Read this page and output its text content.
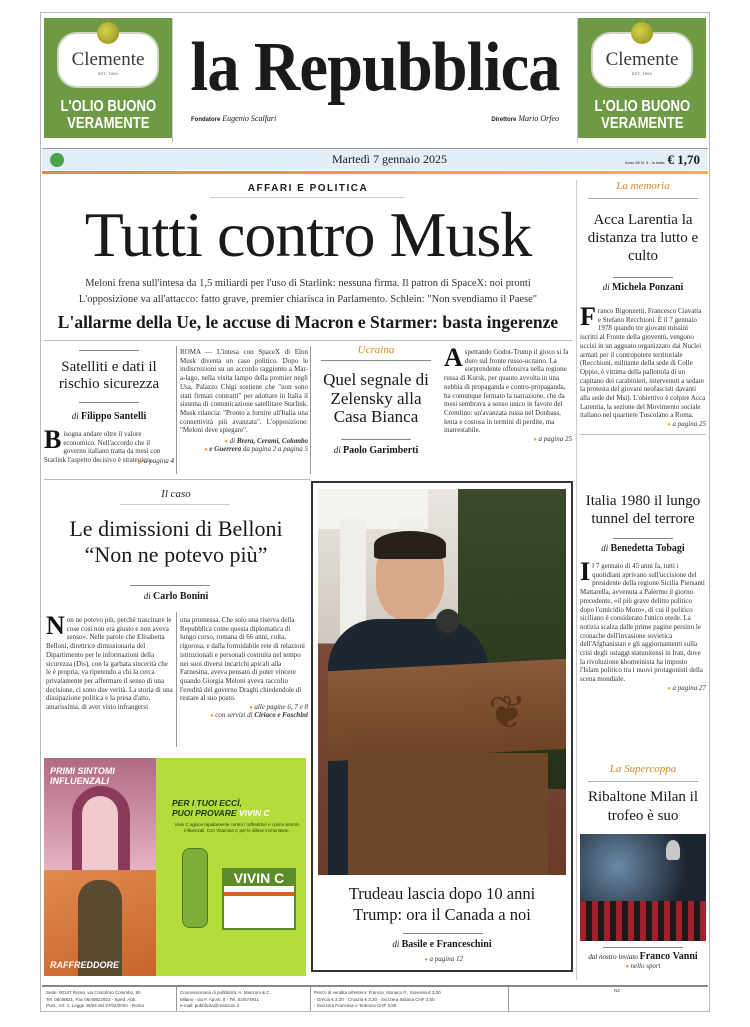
Clemente
EST. 1885
L'OLIO BUONO
VERAMENTE
Clemente
EST. 1885
L'OLIO BUONO
VERAMENTE
la Repubblica
Fondatore Eugenio Scalfari	Direttore Mario Orfeo
Martedì 7 gennaio 2025	Anno 50 N. 5 - in Italia € 1,70
AFFARI E POLITICA
Tutti contro Musk
Meloni frena sull'intesa da 1,5 miliardi per l'uso di Starlink: nessuna firma. Il patron di SpaceX: noi pronti
L'opposizione va all'attacco: fatto grave, premier chiarisca in Parlamento. Schlein: "Non svendiamo il Paese"
L'allarme della Ue, le accuse di Macron e Starmer: basta ingerenze
Satelliti e dati il rischio sicurezza
di Filippo Santelli
Bisogna andare oltre il valore economico. Nell'accordo che il governo italiano tratta da mesi con Starlink l'aspetto decisivo è strategico.
● a pagina 4
ROMA — L'intesa con SpaceX di Elon Musk diventa un caso politico. Dopo le indiscrezioni su un accordo raggiunto a Mar-a-lago, nella visita lampo della premier negli Usa, Palazzo Chigi sostiene che "non sono stati firmati contratti" per adottare in Italia il sistema di comunicazione satellitare Starlink. Musk rilancia: "Pronto a fornire all'Italia una connettività più avanzata". L'opposizione: "Meloni deve spiegare".
● di Brera, Cerami, Colombo
● e Guerrera da pagina 2 a pagina 5
Ucraina
Quel segnale di Zelensky alla Casa Bianca
di Paolo Garimberti
Aspettando Godot-Trump il gioco si fa duro sul fronte russo-ucraino. La sorprendente offensiva nella regione russa di Kursk, per quanto avvolta in una nebbia di propaganda e contro-propaganda, ha comunque fermato la narrazione, che da mesi sembrava a senso unico in favore del Cremlino: un'avanzata russa nel Donbass, lenta e costosa in termini di perdite, ma inarrestabile.
● a pagina 25
Il caso
Le dimissioni di Belloni
“Non ne potevo più”
di Carlo Bonini
Non ne potevo più, perché trascinare le cose così non era giusto e non aveva senso». Nelle parole che Elisabetta Belloni, direttrice dimissionaria del Dipartimento per le informazioni della sicurezza (Dis), con la garbata sincerità che le è propria, va ripetendo a chi la cerca privatamente per affermare il senso di una decisione, ci sono due verità. La storia di una dissipazione politica e la presa d'atto, amarissima, di aver visto infrangersi
una promessa. Che solo una riserva della Repubblica come questa diplomatica di lungo corso, romana di 66 anni, colta, rigorosa, e dalla formidabile rete di relazioni istituzionali e personali costruita nel tempo nei suoi diversi incarichi apicali alla Farnesina, aveva pensato di poter vincere quando Giorgia Meloni aveva raccolto l'eredità del governo Draghi chiedendole di restare al suo posto.
● alle pagine 6, 7 e 8
● con servizi di Ciriaco e Foschini
PRIMI SINTOMI INFLUENZALI
RAFFREDDORE
PER I TUOI ECCÌ,
PUOI PROVARE VIVIN C
Vivin C agisce rapidamente contro i raffreddori e i primi sintomi influenzali. Con Vitamina C per le difese immunitarie.
VIVIN C
❦
Trudeau lascia dopo 10 anni
Trump: ora il Canada a noi
di Basile e Franceschini
● a pagina 12
La memoria
Acca Larentia la distanza tra lutto e culto
di Michela Ponzani
Franco Bigonzetti, Francesco Ciavatta e Stefano Recchioni. È il 7 gennaio 1978 quando tre giovani missini iscritti al Fronte della gioventù, vengono uccisi in un agguato organizzato dai Nuclei armati per il contropotere territoriale (Recchioni, militante della sede di Colle Oppio, è vittima della pallottola di un capitano dei carabinieri, intervenuti a sedare la protesta dei giovani neofascisti davanti alla sede del Msi). L'obiettivo è colpire Acca Larentia, la sezione del Movimento sociale italiano nel quartiere Tuscolano a Roma.
● a pagina 25
Italia 1980 il lungo tunnel del terrore
di Benedetta Tobagi
Il 7 gennaio di 45 anni fa, tutti i quotidiani aprivano sull'uccisione del presidente della regione Sicilia Piersanti Mattarella, avvenuta a Palermo il giorno precedente, «il più grave delitto politico dopo l'omicidio Moro», di cui il politico siciliano è considerato l'unico erede. La notizia scalza dalle prime pagine persino le cronache dell'invasione sovietica dell'Afghanistan e gli aggiornamenti sulla crisi degli ostaggi statunitensi in Iran, dove la rivoluzione khomeinista ha imposto l'Islam politico tra i nuovi protagonisti della scena mondiale.
● a pagina 27
La Supercoppa
Ribaltone Milan il trofeo è suo
dal nostro inviato Franco Vanni
● nello sport
Sede: 00147 Roma, via Cristoforo Colombo, 90
Tel. 06/49821, Fax 06/49822923 - Sped. Abb.
Post., Art. 1, Legge 46/04 del 27/02/2004 - Roma
Concessionaria di pubblicità: A. Manzoni & C.
Milano - via F. Aporti, 8 - Tel. 02/574941
e-mail: pubblicita@manzoni.it
Prezzi di vendita all'estero: Francia, Monaco P., Slovenia € 3,00
- Grecia € 3,20 - Croazia € 3,20 - Svizzera Italiana CHF 3,50
- Svizzera Francese e Tedesca CHF 3,80
NZ
